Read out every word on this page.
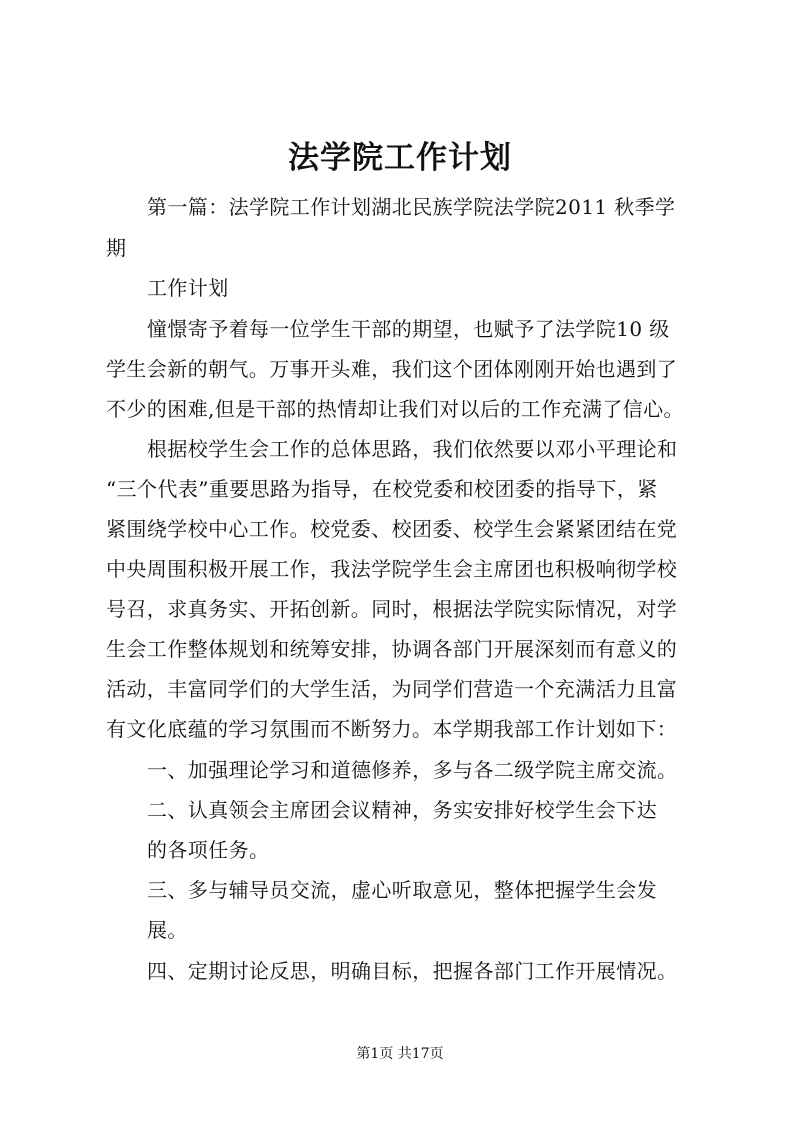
法学院工作计划
第一篇：法学院工作计划湖北民族学院法学院2011 秋季学
期
工作计划
憧憬寄予着每一位学生干部的期望，也赋予了法学院10 级
学生会新的朝气。万事开头难，我们这个团体刚刚开始也遇到了
不少的困难,但是干部的热情却让我们对以后的工作充满了信心。
根据校学生会工作的总体思路，我们依然要以邓小平理论和
“三个代表”重要思路为指导，在校党委和校团委的指导下，紧
紧围绕学校中心工作。校党委、校团委、校学生会紧紧团结在党
中央周围积极开展工作，我法学院学生会主席团也积极响彻学校
号召，求真务实、开拓创新。同时，根据法学院实际情况，对学
生会工作整体规划和统筹安排，协调各部门开展深刻而有意义的
活动，丰富同学们的大学生活，为同学们营造一个充满活力且富
有文化底蕴的学习氛围而不断努力。本学期我部工作计划如下：
一、加强理论学习和道德修养，多与各二级学院主席交流。
二、认真领会主席团会议精神，务实安排好校学生会下达
的各项任务。
三、多与辅导员交流，虚心听取意见，整体把握学生会发
展。
四、定期讨论反思，明确目标，把握各部门工作开展情况。
第1页 共17页
